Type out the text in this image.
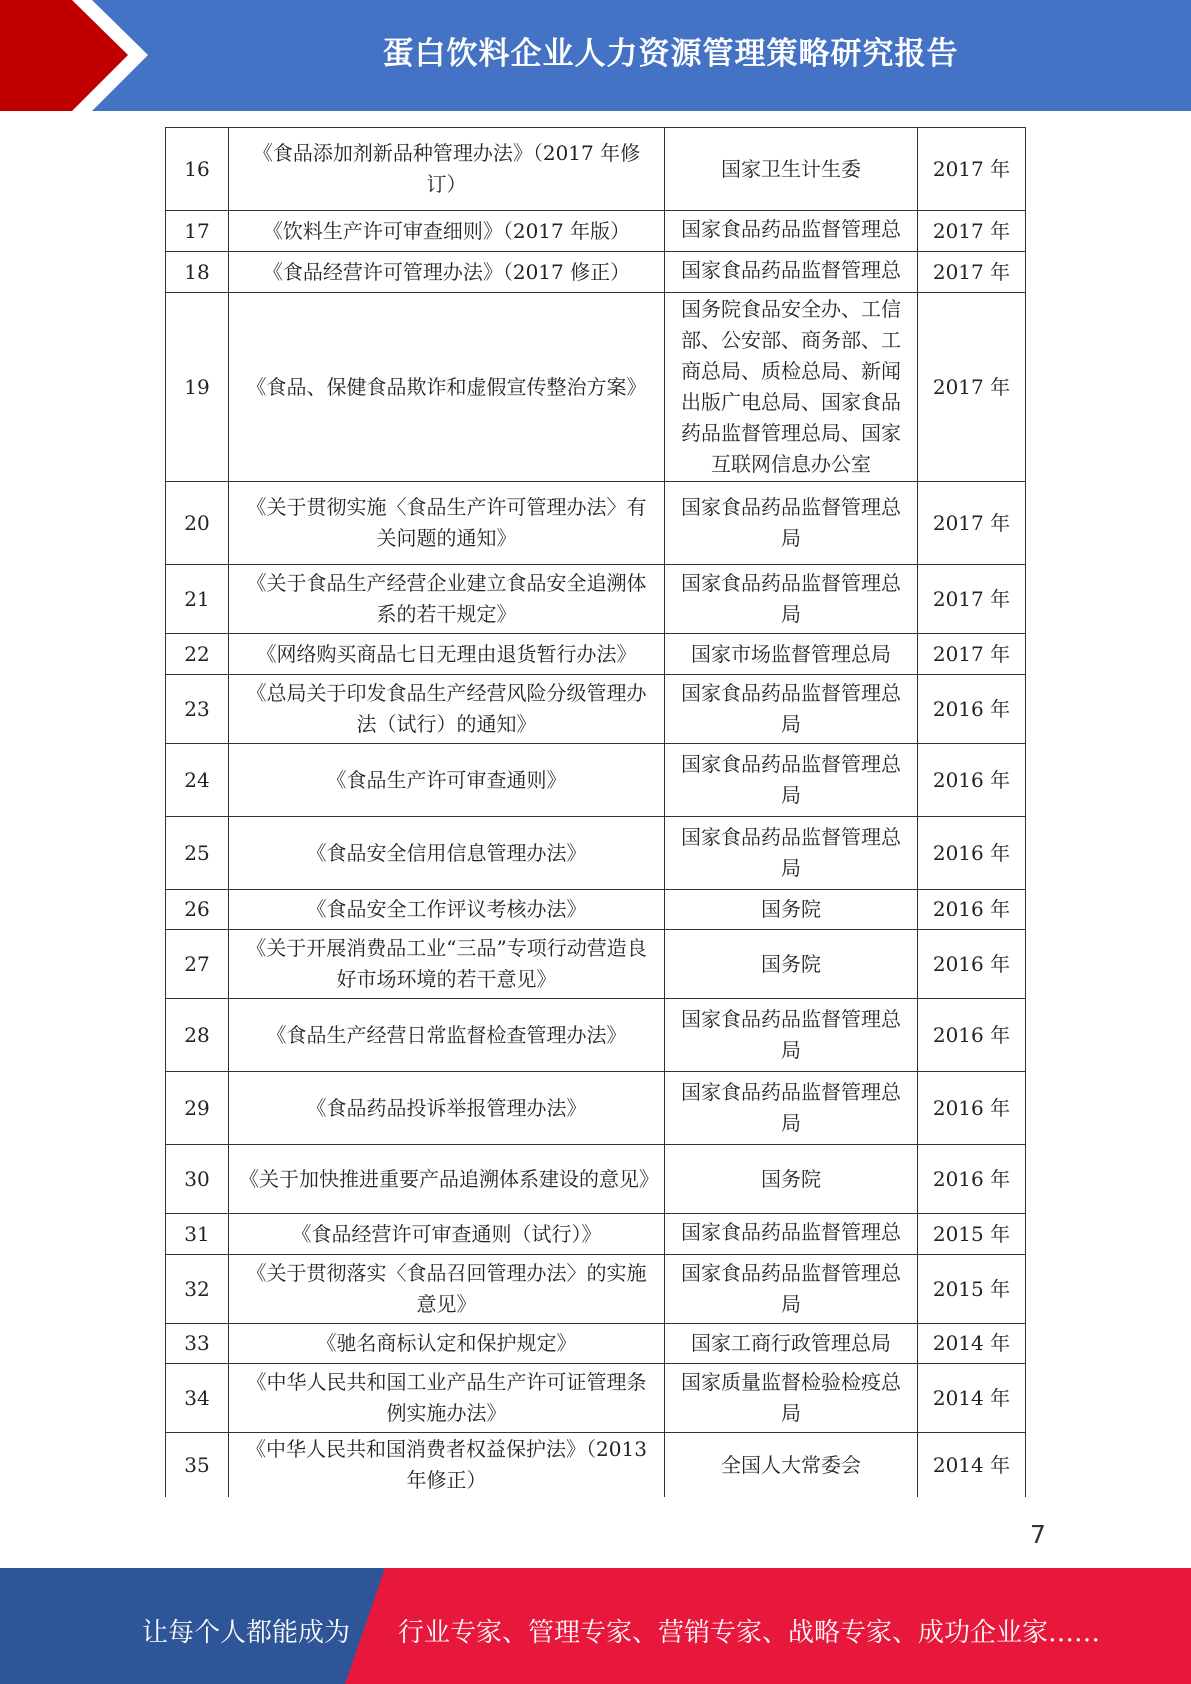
蛋白饮料企业人力资源管理策略研究报告
16	《食品添加剂新品种管理办法》（2017 年修订）	国家卫生计生委	2017 年
17	《饮料生产许可审查细则》（2017 年版）	国家食品药品监督管理总	2017 年
18	《食品经营许可管理办法》（2017 修正）	国家食品药品监督管理总	2017 年
19	《食品、保健食品欺诈和虚假宣传整治方案》	国务院食品安全办、工信部、公安部、商务部、工商总局、质检总局、新闻出版广电总局、国家食品药品监督管理总局、国家互联网信息办公室	2017 年
20	《关于贯彻实施〈食品生产许可管理办法〉有关问题的通知》	国家食品药品监督管理总局	2017 年
21	《关于食品生产经营企业建立食品安全追溯体系的若干规定》	国家食品药品监督管理总局	2017 年
22	《网络购买商品七日无理由退货暂行办法》	国家市场监督管理总局	2017 年
23	《总局关于印发食品生产经营风险分级管理办法（试行）的通知》	国家食品药品监督管理总局	2016 年
24	《食品生产许可审查通则》	国家食品药品监督管理总局	2016 年
25	《食品安全信用信息管理办法》	国家食品药品监督管理总局	2016 年
26	《食品安全工作评议考核办法》	国务院	2016 年
27	《关于开展消费品工业“三品”专项行动营造良好市场环境的若干意见》	国务院	2016 年
28	《食品生产经营日常监督检查管理办法》	国家食品药品监督管理总局	2016 年
29	《食品药品投诉举报管理办法》	国家食品药品监督管理总局	2016 年
30	《关于加快推进重要产品追溯体系建设的意见》	国务院	2016 年
31	《食品经营许可审查通则（试行）》	国家食品药品监督管理总	2015 年
32	《关于贯彻落实〈食品召回管理办法〉的实施意见》	国家食品药品监督管理总局	2015 年
33	《驰名商标认定和保护规定》	国家工商行政管理总局	2014 年
34	《中华人民共和国工业产品生产许可证管理条例实施办法》	国家质量监督检验检疫总局	2014 年
35	《中华人民共和国消费者权益保护法》（2013 年修正）	全国人大常委会	2014 年
7
让每个人都能成为 行业专家、管理专家、营销专家、战略专家、成功企业家……
